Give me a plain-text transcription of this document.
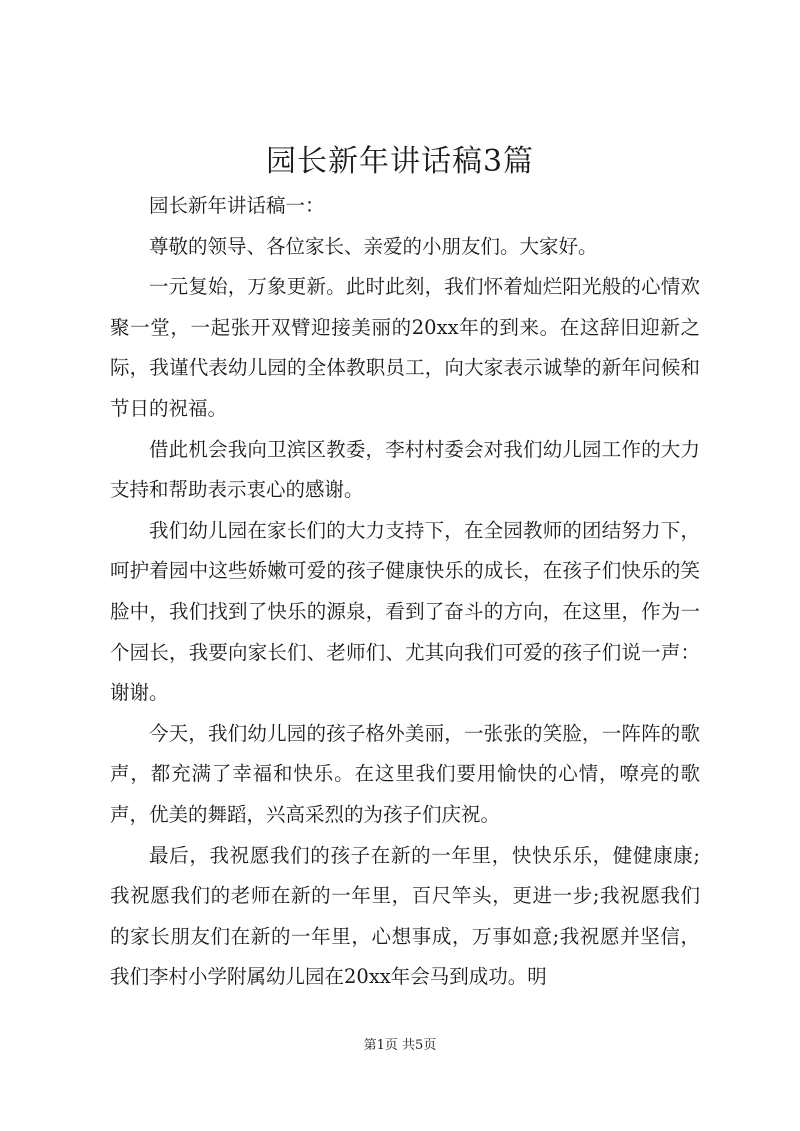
园长新年讲话稿3篇

园长新年讲话稿一：

尊敬的领导、各位家长、亲爱的小朋友们。大家好。

一元复始，万象更新。此时此刻，我们怀着灿烂阳光般的心情欢聚一堂，一起张开双臂迎接美丽的20xx年的到来。在这辞旧迎新之际，我谨代表幼儿园的全体教职员工，向大家表示诚挚的新年问候和节日的祝福。

借此机会我向卫滨区教委，李村村委会对我们幼儿园工作的大力支持和帮助表示衷心的感谢。

我们幼儿园在家长们的大力支持下，在全园教师的团结努力下，呵护着园中这些娇嫩可爱的孩子健康快乐的成长，在孩子们快乐的笑脸中，我们找到了快乐的源泉，看到了奋斗的方向，在这里，作为一个园长，我要向家长们、老师们、尤其向我们可爱的孩子们说一声：谢谢。

今天，我们幼儿园的孩子格外美丽，一张张的笑脸，一阵阵的歌声，都充满了幸福和快乐。在这里我们要用愉快的心情，嘹亮的歌声，优美的舞蹈，兴高采烈的为孩子们庆祝。

最后，我祝愿我们的孩子在新的一年里，快快乐乐，健健康康;我祝愿我们的老师在新的一年里，百尺竿头，更进一步;我祝愿我们的家长朋友们在新的一年里，心想事成，万事如意;我祝愿并坚信，我们李村小学附属幼儿园在20xx年会马到成功。明

第1页 共5页
